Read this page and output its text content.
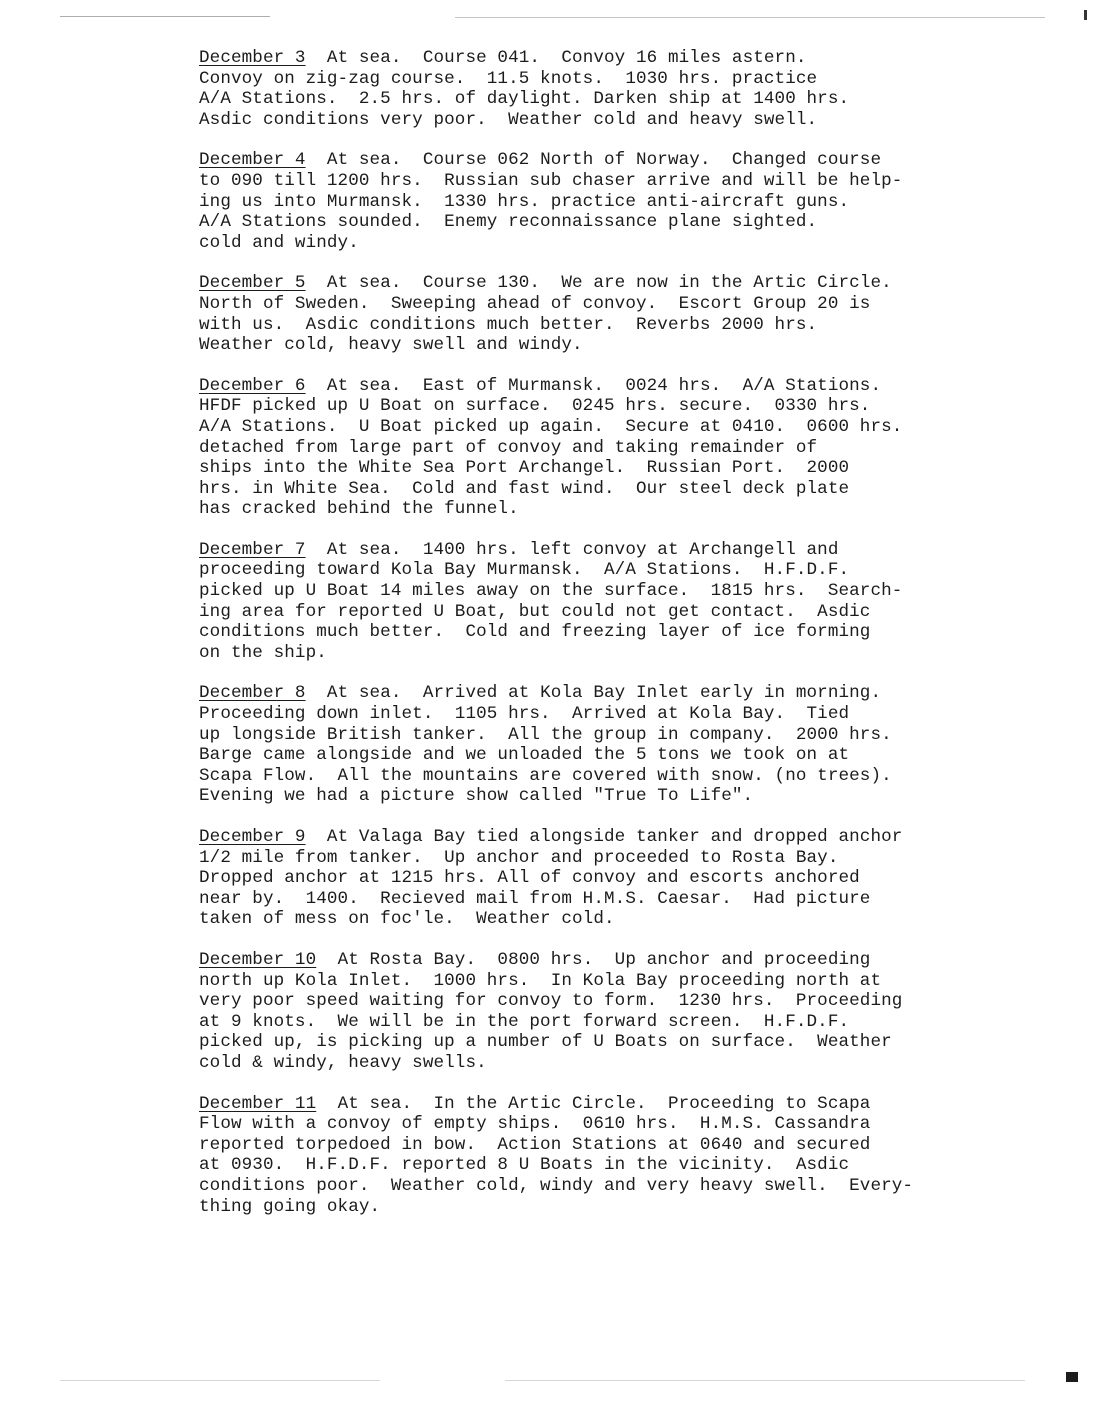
December 3  At sea.  Course 041.  Convoy 16 miles astern.
Convoy on zig-zag course.  11.5 knots.  1030 hrs. practice
A/A Stations.  2.5 hrs. of daylight. Darken ship at 1400 hrs.
Asdic conditions very poor.  Weather cold and heavy swell.
December 4  At sea.  Course 062 North of Norway.  Changed course
to 090 till 1200 hrs.  Russian sub chaser arrive and will be help-
ing us into Murmansk.  1330 hrs. practice anti-aircraft guns.
A/A Stations sounded.  Enemy reconnaissance plane sighted.
cold and windy.
December 5  At sea.  Course 130.  We are now in the Artic Circle.
North of Sweden.  Sweeping ahead of convoy.  Escort Group 20 is
with us.  Asdic conditions much better.  Reverbs 2000 hrs.
Weather cold, heavy swell and windy.
December 6  At sea.  East of Murmansk.  0024 hrs.  A/A Stations.
HFDF picked up U Boat on surface.  0245 hrs. secure.  0330 hrs.
A/A Stations.  U Boat picked up again.  Secure at 0410.  0600 hrs.
detached from large part of convoy and taking remainder of
ships into the White Sea Port Archangel.  Russian Port.  2000
hrs. in White Sea.  Cold and fast wind.  Our steel deck plate
has cracked behind the funnel.
December 7  At sea.  1400 hrs. left convoy at Archangell and
proceeding toward Kola Bay Murmansk.  A/A Stations.  H.F.D.F.
picked up U Boat 14 miles away on the surface.  1815 hrs.  Search-
ing area for reported U Boat, but could not get contact.  Asdic
conditions much better.  Cold and freezing layer of ice forming
on the ship.
December 8  At sea.  Arrived at Kola Bay Inlet early in morning.
Proceeding down inlet.  1105 hrs.  Arrived at Kola Bay.  Tied
up longside British tanker.  All the group in company.  2000 hrs.
Barge came alongside and we unloaded the 5 tons we took on at
Scapa Flow.  All the mountains are covered with snow. (no trees).
Evening we had a picture show called "True To Life".
December 9  At Valaga Bay tied alongside tanker and dropped anchor
1/2 mile from tanker.  Up anchor and proceeded to Rosta Bay.
Dropped anchor at 1215 hrs. All of convoy and escorts anchored
near by.  1400.  Recieved mail from H.M.S. Caesar.  Had picture
taken of mess on foc'le.  Weather cold.
December 10  At Rosta Bay.  0800 hrs.  Up anchor and proceeding
north up Kola Inlet.  1000 hrs.  In Kola Bay proceeding north at
very poor speed waiting for convoy to form.  1230 hrs.  Proceeding
at 9 knots.  We will be in the port forward screen.  H.F.D.F.
picked up, is picking up a number of U Boats on surface.  Weather
cold & windy, heavy swells.
December 11  At sea.  In the Artic Circle.  Proceeding to Scapa
Flow with a convoy of empty ships.  0610 hrs.  H.M.S. Cassandra
reported torpedoed in bow.  Action Stations at 0640 and secured
at 0930.  H.F.D.F. reported 8 U Boats in the vicinity.  Asdic
conditions poor.  Weather cold, windy and very heavy swell.  Every-
thing going okay.
